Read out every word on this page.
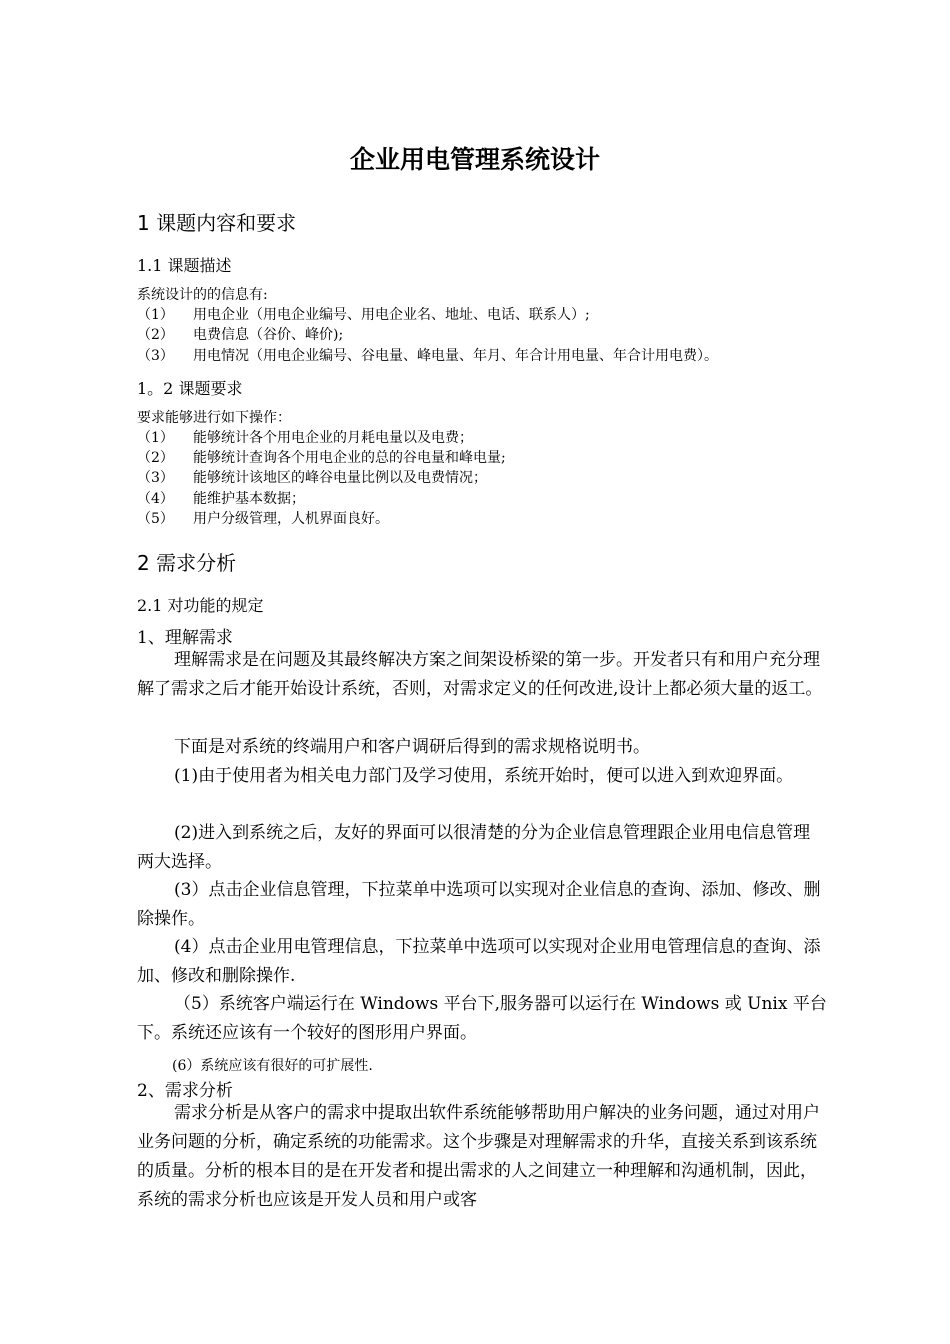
企业用电管理系统设计
1 课题内容和要求
1.1 课题描述
系统设计的的信息有:
（1） 用电企业（用电企业编号、用电企业名、地址、电话、联系人）;
（2） 电费信息（谷价、峰价);
（3） 用电情况（用电企业编号、谷电量、峰电量、年月、年合计用电量、年合计用电费）。
1。2 课题要求
要求能够进行如下操作：
（1） 能够统计各个用电企业的月耗电量以及电费；
（2） 能够统计查询各个用电企业的总的谷电量和峰电量;
（3） 能够统计该地区的峰谷电量比例以及电费情况；
（4） 能维护基本数据；
（5） 用户分级管理，人机界面良好。
2 需求分析
2.1 对功能的规定
1、理解需求
理解需求是在问题及其最终解决方案之间架设桥梁的第一步。开发者只有和用户充分理解了需求之后才能开始设计系统，否则，对需求定义的任何改进,设计上都必须大量的返工。
下面是对系统的终端用户和客户调研后得到的需求规格说明书。
(1)由于使用者为相关电力部门及学习使用，系统开始时，便可以进入到欢迎界面。
(2)进入到系统之后，友好的界面可以很清楚的分为企业信息管理跟企业用电信息管理两大选择。
(3）点击企业信息管理，下拉菜单中选项可以实现对企业信息的查询、添加、修改、删除操作。
(4）点击企业用电管理信息，下拉菜单中选项可以实现对企业用电管理信息的查询、添加、修改和删除操作.
（5）系统客户端运行在 Windows 平台下,服务器可以运行在 Windows 或 Unix 平台下。系统还应该有一个较好的图形用户界面。
(6）系统应该有很好的可扩展性.
2、需求分析
需求分析是从客户的需求中提取出软件系统能够帮助用户解决的业务问题，通过对用户业务问题的分析，确定系统的功能需求。这个步骤是对理解需求的升华，直接关系到该系统的质量。分析的根本目的是在开发者和提出需求的人之间建立一种理解和沟通机制，因此，系统的需求分析也应该是开发人员和用户或客
